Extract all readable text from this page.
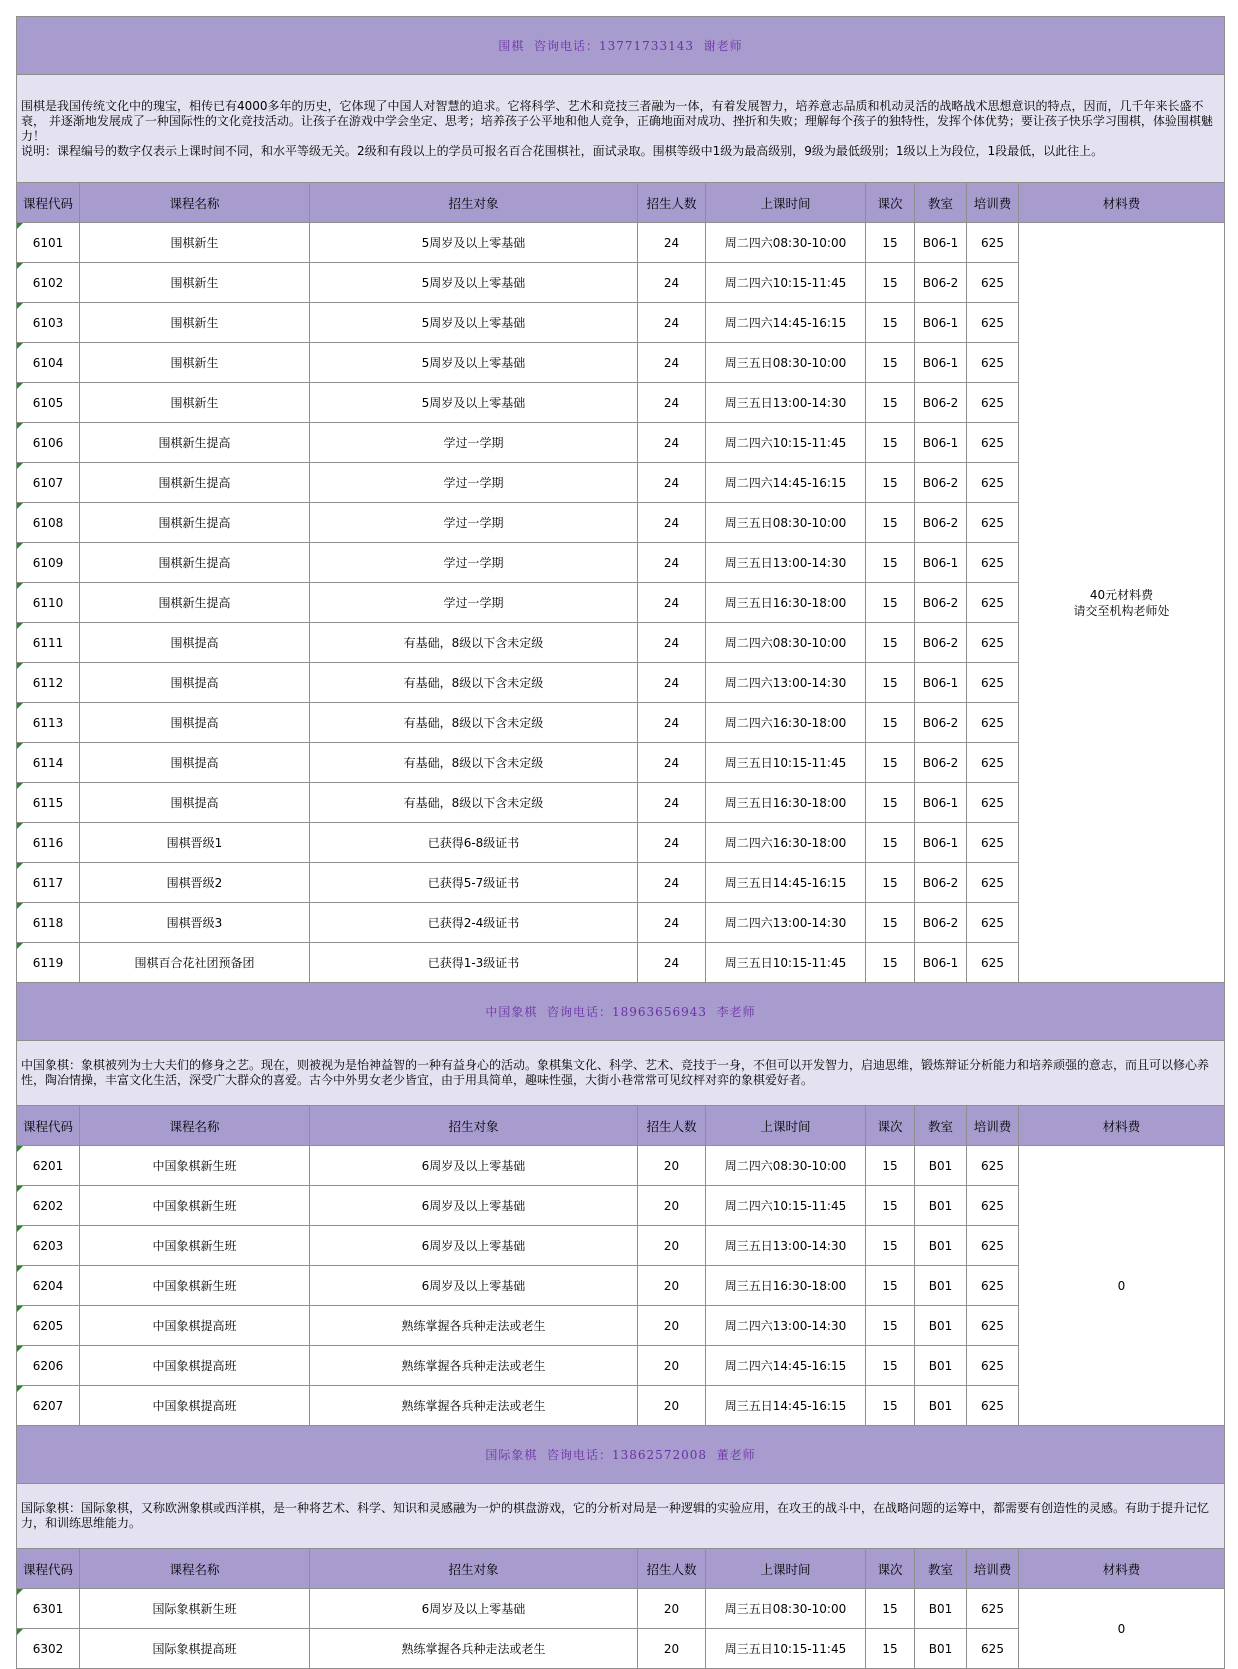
围棋  咨询电话：13771733143  谢老师								

围棋是我国传统文化中的瑰宝，相传已有4000多年的历史，它体现了中国人对智慧的追求。它将科学、艺术和竞技三者融为一体，有着发展智力，培养意志品质和机动灵活的战略战术思想意识的特点，因而，几千年来长盛不衰， 并逐渐地发展成了一种国际性的文化竞技活动。让孩子在游戏中学会坐定、思考；培养孩子公平地和他人竞争，正确地面对成功、挫折和失败；理解每个孩子的独特性，发挥个体优势；要让孩子快乐学习围棋，体验围棋魅力！

说明：课程编号的数字仅表示上课时间不同，和水平等级无关。2级和有段以上的学员可报名百合花围棋社，面试录取。围棋等级中1级为最高级别，9级为最低级别；1级以上为段位，1段最低，以此往上。								

课程代码	课程名称	招生对象	招生人数	上课时间	课次	教室	培训费	材料费
6101	围棋新生	5周岁及以上零基础	24	周二四六08:30-10:00	15	B06-1	625	40元材料费
请交至机构老师处
6102	围棋新生	5周岁及以上零基础	24	周二四六10:15-11:45	15	B06-2	625	
6103	围棋新生	5周岁及以上零基础	24	周二四六14:45-16:15	15	B06-1	625	
6104	围棋新生	5周岁及以上零基础	24	周三五日08:30-10:00	15	B06-1	625	
6105	围棋新生	5周岁及以上零基础	24	周三五日13:00-14:30	15	B06-2	625	
6106	围棋新生提高	学过一学期	24	周二四六10:15-11:45	15	B06-1	625	
6107	围棋新生提高	学过一学期	24	周二四六14:45-16:15	15	B06-2	625	
6108	围棋新生提高	学过一学期	24	周三五日08:30-10:00	15	B06-2	625	
6109	围棋新生提高	学过一学期	24	周三五日13:00-14:30	15	B06-1	625	
6110	围棋新生提高	学过一学期	24	周三五日16:30-18:00	15	B06-2	625	
6111	围棋提高	有基础，8级以下含未定级	24	周二四六08:30-10:00	15	B06-2	625	
6112	围棋提高	有基础，8级以下含未定级	24	周二四六13:00-14:30	15	B06-1	625	
6113	围棋提高	有基础，8级以下含未定级	24	周二四六16:30-18:00	15	B06-2	625	
6114	围棋提高	有基础，8级以下含未定级	24	周三五日10:15-11:45	15	B06-2	625	
6115	围棋提高	有基础，8级以下含未定级	24	周三五日16:30-18:00	15	B06-1	625	
6116	围棋晋级1	已获得6-8级证书	24	周二四六16:30-18:00	15	B06-1	625	
6117	围棋晋级2	已获得5-7级证书	24	周三五日14:45-16:15	15	B06-2	625	
6118	围棋晋级3	已获得2-4级证书	24	周二四六13:00-14:30	15	B06-2	625	
6119	围棋百合花社团预备团	已获得1-3级证书	24	周三五日10:15-11:45	15	B06-1	625	
中国象棋  咨询电话：18963656943  李老师								

中国象棋：象棋被列为士大夫们的修身之艺。现在，则被视为是怡神益智的一种有益身心的活动。象棋集文化、科学、艺术、竞技于一身，不但可以开发智力，启迪思维，锻炼辩证分析能力和培养顽强的意志，而且可以修心养性，陶冶情操，丰富文化生活，深受广大群众的喜爱。古今中外男女老少皆宜，由于用具简单，趣味性强，大街小巷常常可见纹枰对弈的象棋爱好者。								

课程代码	课程名称	招生对象	招生人数	上课时间	课次	教室	培训费	材料费
6201	中国象棋新生班	6周岁及以上零基础	20	周二四六08:30-10:00	15	B01	625	0
6202	中国象棋新生班	6周岁及以上零基础	20	周二四六10:15-11:45	15	B01	625	
6203	中国象棋新生班	6周岁及以上零基础	20	周三五日13:00-14:30	15	B01	625	
6204	中国象棋新生班	6周岁及以上零基础	20	周三五日16:30-18:00	15	B01	625	
6205	中国象棋提高班	熟练掌握各兵种走法或老生	20	周二四六13:00-14:30	15	B01	625	
6206	中国象棋提高班	熟练掌握各兵种走法或老生	20	周二四六14:45-16:15	15	B01	625	
6207	中国象棋提高班	熟练掌握各兵种走法或老生	20	周三五日14:45-16:15	15	B01	625	
国际象棋  咨询电话：13862572008  董老师								

国际象棋：国际象棋，又称欧洲象棋或西洋棋，是一种将艺术、科学、知识和灵感融为一炉的棋盘游戏，它的分析对局是一种逻辑的实验应用，在攻王的战斗中，在战略问题的运筹中，都需要有创造性的灵感。有助于提升记忆力，和训练思维能力。								

课程代码	课程名称	招生对象	招生人数	上课时间	课次	教室	培训费	材料费
6301	国际象棋新生班	6周岁及以上零基础	20	周三五日08:30-10:00	15	B01	625	0
6302	国际象棋提高班	熟练掌握各兵种走法或老生	20	周三五日10:15-11:45	15	B01	625	
